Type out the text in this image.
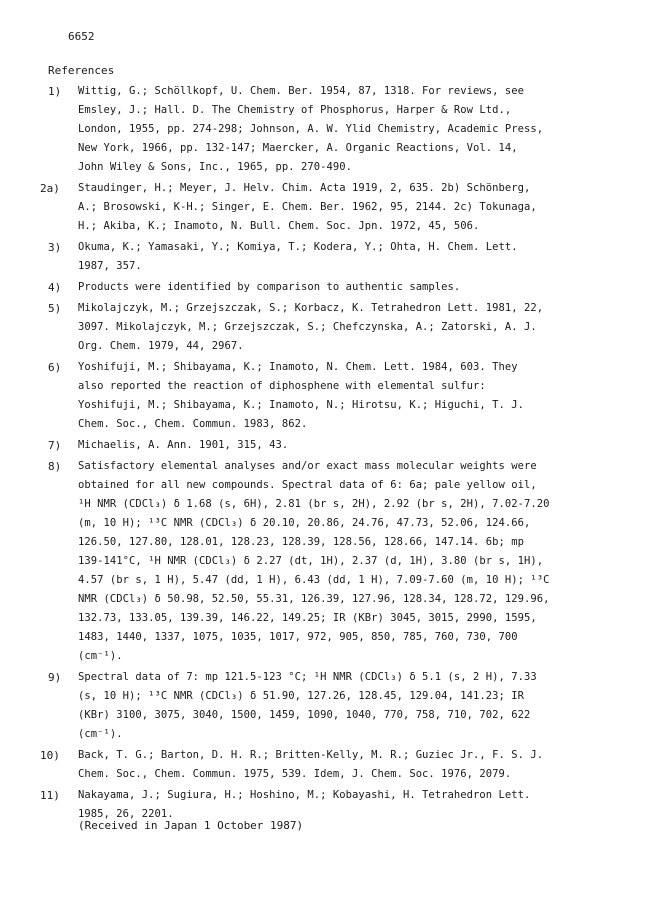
6652
References
1) Wittig, G.; Schöllkopf, U. Chem. Ber. 1954, 87, 1318. For reviews, see
Emsley, J.; Hall. D. The Chemistry of Phosphorus, Harper & Row Ltd.,
London, 1955, pp. 274-298; Johnson, A. W. Ylid Chemistry, Academic Press,
New York, 1966, pp. 132-147; Maercker, A. Organic Reactions, Vol. 14,
John Wiley & Sons, Inc., 1965, pp. 270-490.
2a) Staudinger, H.; Meyer, J. Helv. Chim. Acta 1919, 2, 635. 2b) Schönberg,
A.; Brosowski, K-H.; Singer, E. Chem. Ber. 1962, 95, 2144. 2c) Tokunaga,
H.; Akiba, K.; Inamoto, N. Bull. Chem. Soc. Jpn. 1972, 45, 506.
3) Okuma, K.; Yamasaki, Y.; Komiya, T.; Kodera, Y.; Ohta, H. Chem. Lett.
1987, 357.
4) Products were identified by comparison to authentic samples.
5) Mikolajczyk, M.; Grzejszczak, S.; Korbacz, K. Tetrahedron Lett. 1981, 22,
3097. Mikolajczyk, M.; Grzejszczak, S.; Chefczynska, A.; Zatorski, A. J.
Org. Chem. 1979, 44, 2967.
6) Yoshifuji, M.; Shibayama, K.; Inamoto, N. Chem. Lett. 1984, 603. They
also reported the reaction of diphosphene with elemental sulfur:
Yoshifuji, M.; Shibayama, K.; Inamoto, N.; Hirotsu, K.; Higuchi, T. J.
Chem. Soc., Chem. Commun. 1983, 862.
7) Michaelis, A. Ann. 1901, 315, 43.
8) Satisfactory elemental analyses and/or exact mass molecular weights were
obtained for all new compounds. Spectral data of 6: 6a; pale yellow oil,
¹H NMR (CDCl₃) δ 1.68 (s, 6H), 2.81 (br s, 2H), 2.92 (br s, 2H), 7.02-7.20
(m, 10 H); ¹³C NMR (CDCl₃) δ 20.10, 20.86, 24.76, 47.73, 52.06, 124.66,
126.50, 127.80, 128.01, 128.23, 128.39, 128.56, 128.66, 147.14. 6b; mp
139-141°C, ¹H NMR (CDCl₃) δ 2.27 (dt, 1H), 2.37 (d, 1H), 3.80 (br s, 1H),
4.57 (br s, 1 H), 5.47 (dd, 1 H), 6.43 (dd, 1 H), 7.09-7.60 (m, 10 H); ¹³C
NMR (CDCl₃) δ 50.98, 52.50, 55.31, 126.39, 127.96, 128.34, 128.72, 129.96,
132.73, 133.05, 139.39, 146.22, 149.25; IR (KBr) 3045, 3015, 2990, 1595,
1483, 1440, 1337, 1075, 1035, 1017, 972, 905, 850, 785, 760, 730, 700
(cm⁻¹).
9) Spectral data of 7: mp 121.5-123 °C; ¹H NMR (CDCl₃) δ 5.1 (s, 2 H), 7.33
(s, 10 H); ¹³C NMR (CDCl₃) δ 51.90, 127.26, 128.45, 129.04, 141.23; IR
(KBr) 3100, 3075, 3040, 1500, 1459, 1090, 1040, 770, 758, 710, 702, 622
(cm⁻¹).
10) Back, T. G.; Barton, D. H. R.; Britten-Kelly, M. R.; Guziec Jr., F. S. J.
Chem. Soc., Chem. Commun. 1975, 539. Idem, J. Chem. Soc. 1976, 2079.
11) Nakayama, J.; Sugiura, H.; Hoshino, M.; Kobayashi, H. Tetrahedron Lett.
1985, 26, 2201.
(Received in Japan 1 October 1987)
